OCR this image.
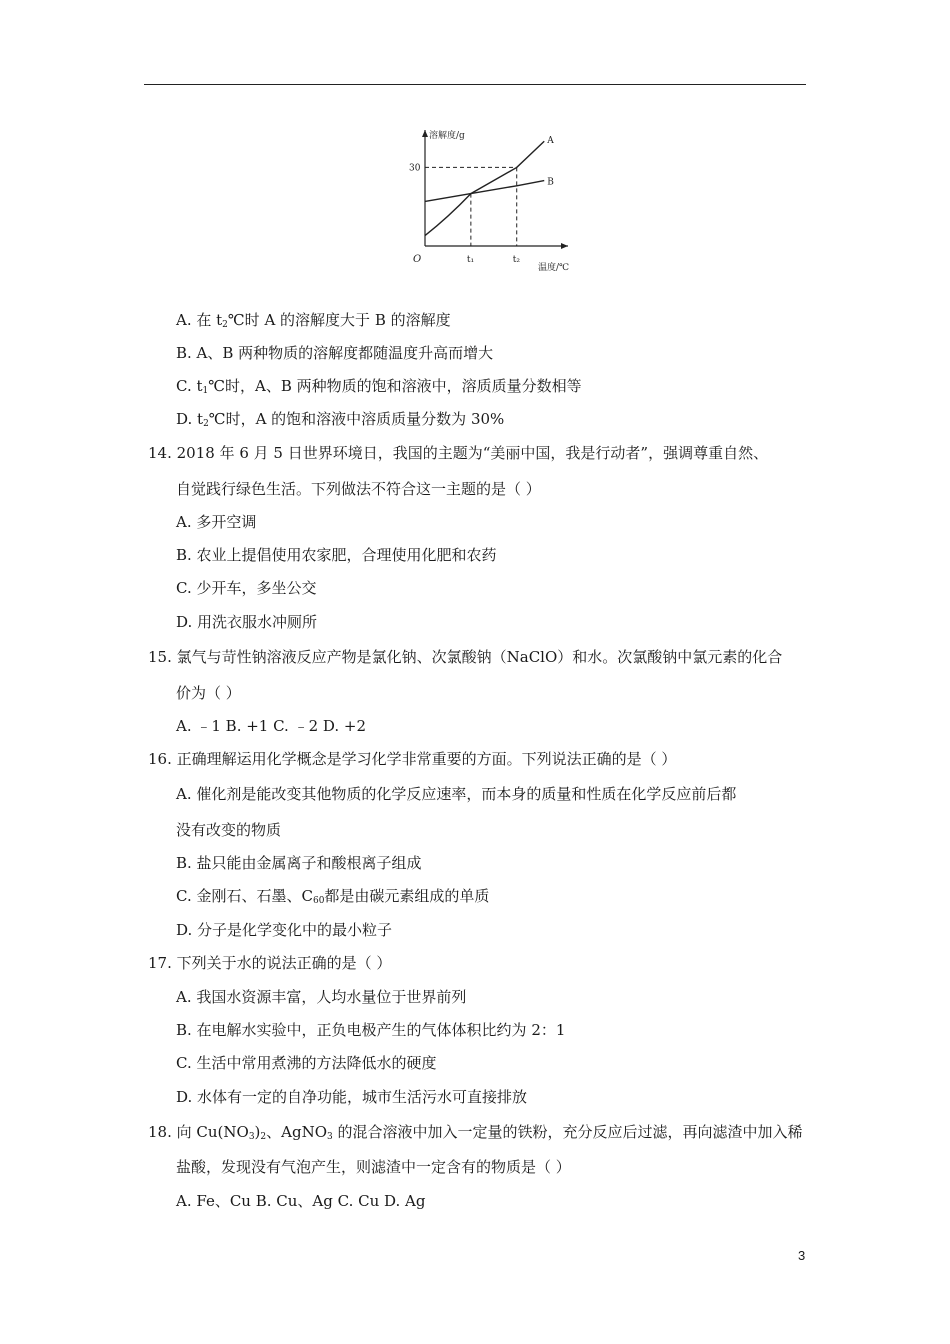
溶解度/g
温度/℃
O
A
B
30
t₁	t₂
A. 在 $t_2℃$时 A 的溶解度大于 B 的溶解度
B. A、B 两种物质的溶解度都随温度升高而增大
C. $t_1℃$时，A、B 两种物质的饱和溶液中，溶质质量分数相等
D. $t_2℃$时，A 的饱和溶液中溶质质量分数为 30%
14. 2018 年 6 月 5 日世界环境日，我国的主题为“美丽中国，我是行动者”，强调尊重自然、
自觉践行绿色生活。下列做法不符合这一主题的是（ ）
A. 多开空调
B. 农业上提倡使用农家肥，合理使用化肥和农药
C. 少开车，多坐公交
D. 用洗衣服水冲厕所
15. 氯气与苛性钠溶液反应产物是氯化钠、次氯酸钠（NaClO）和水。次氯酸钠中氯元素的化合
价为（ ）
A. ﹣1 B. +1 C. ﹣2 D. +2
16. 正确理解运用化学概念是学习化学非常重要的方面。下列说法正确的是（ ）
A. 催化剂是能改变其他物质的化学反应速率，而本身的质量和性质在化学反应前后都
没有改变的物质
B. 盐只能由金属离子和酸根离子组成
C. 金刚石、石墨、$C_{60}$都是由碳元素组成的单质
D. 分子是化学变化中的最小粒子
17. 下列关于水的说法正确的是（ ）
A. 我国水资源丰富，人均水量位于世界前列
B. 在电解水实验中，正负电极产生的气体体积比约为 2：1
C. 生活中常用煮沸的方法降低水的硬度
D. 水体有一定的自净功能，城市生活污水可直接排放
18. 向 $Cu(NO_3)_2$、AgNO$_3$ 的混合溶液中加入一定量的铁粉，充分反应后过滤，再向滤渣中加入稀
盐酸，发现没有气泡产生，则滤渣中一定含有的物质是（ ）
A. Fe、Cu B. Cu、Ag C. Cu D. Ag
3
